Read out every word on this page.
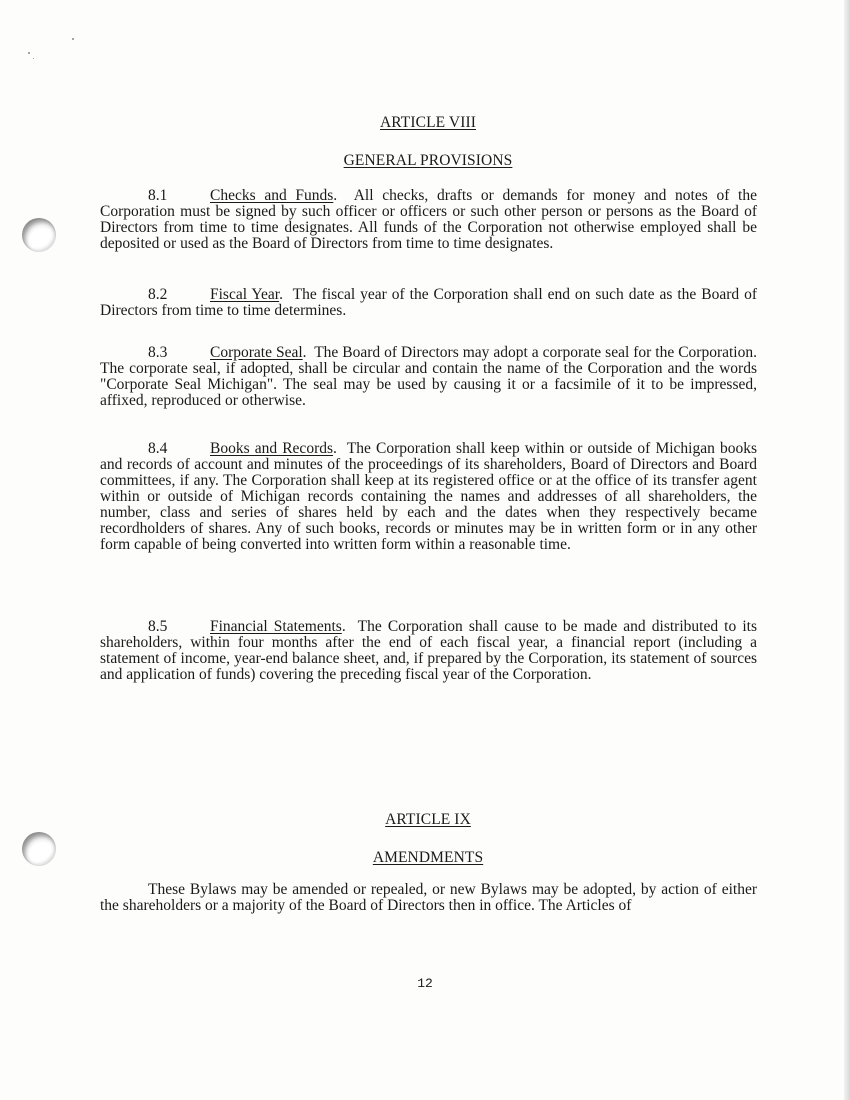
ARTICLE VIII
GENERAL PROVISIONS
8.1	Checks and Funds.  All checks, drafts or demands for money and notes of the Corporation must be signed by such officer or officers or such other person or persons as the Board of Directors from time to time designates. All funds of the Corporation not otherwise employed shall be deposited or used as the Board of Directors from time to time designates.
8.2	Fiscal Year.  The fiscal year of the Corporation shall end on such date as the Board of Directors from time to time determines.
8.3	Corporate Seal.  The Board of Directors may adopt a corporate seal for the Corporation. The corporate seal, if adopted, shall be circular and contain the name of the Corporation and the words "Corporate Seal Michigan". The seal may be used by causing it or a facsimile of it to be impressed, affixed, reproduced or otherwise.
8.4	Books and Records.  The Corporation shall keep within or outside of Michigan books and records of account and minutes of the proceedings of its shareholders, Board of Directors and Board committees, if any. The Corporation shall keep at its registered office or at the office of its transfer agent within or outside of Michigan records containing the names and addresses of all shareholders, the number, class and series of shares held by each and the dates when they respectively became recordholders of shares. Any of such books, records or minutes may be in written form or in any other form capable of being converted into written form within a reasonable time.
8.5	Financial Statements.  The Corporation shall cause to be made and distributed to its shareholders, within four months after the end of each fiscal year, a financial report (including a statement of income, year-end balance sheet, and, if prepared by the Corporation, its statement of sources and application of funds) covering the preceding fiscal year of the Corporation.
ARTICLE IX
AMENDMENTS
These Bylaws may be amended or repealed, or new Bylaws may be adopted, by action of either the shareholders or a majority of the Board of Directors then in office. The Articles of
12
